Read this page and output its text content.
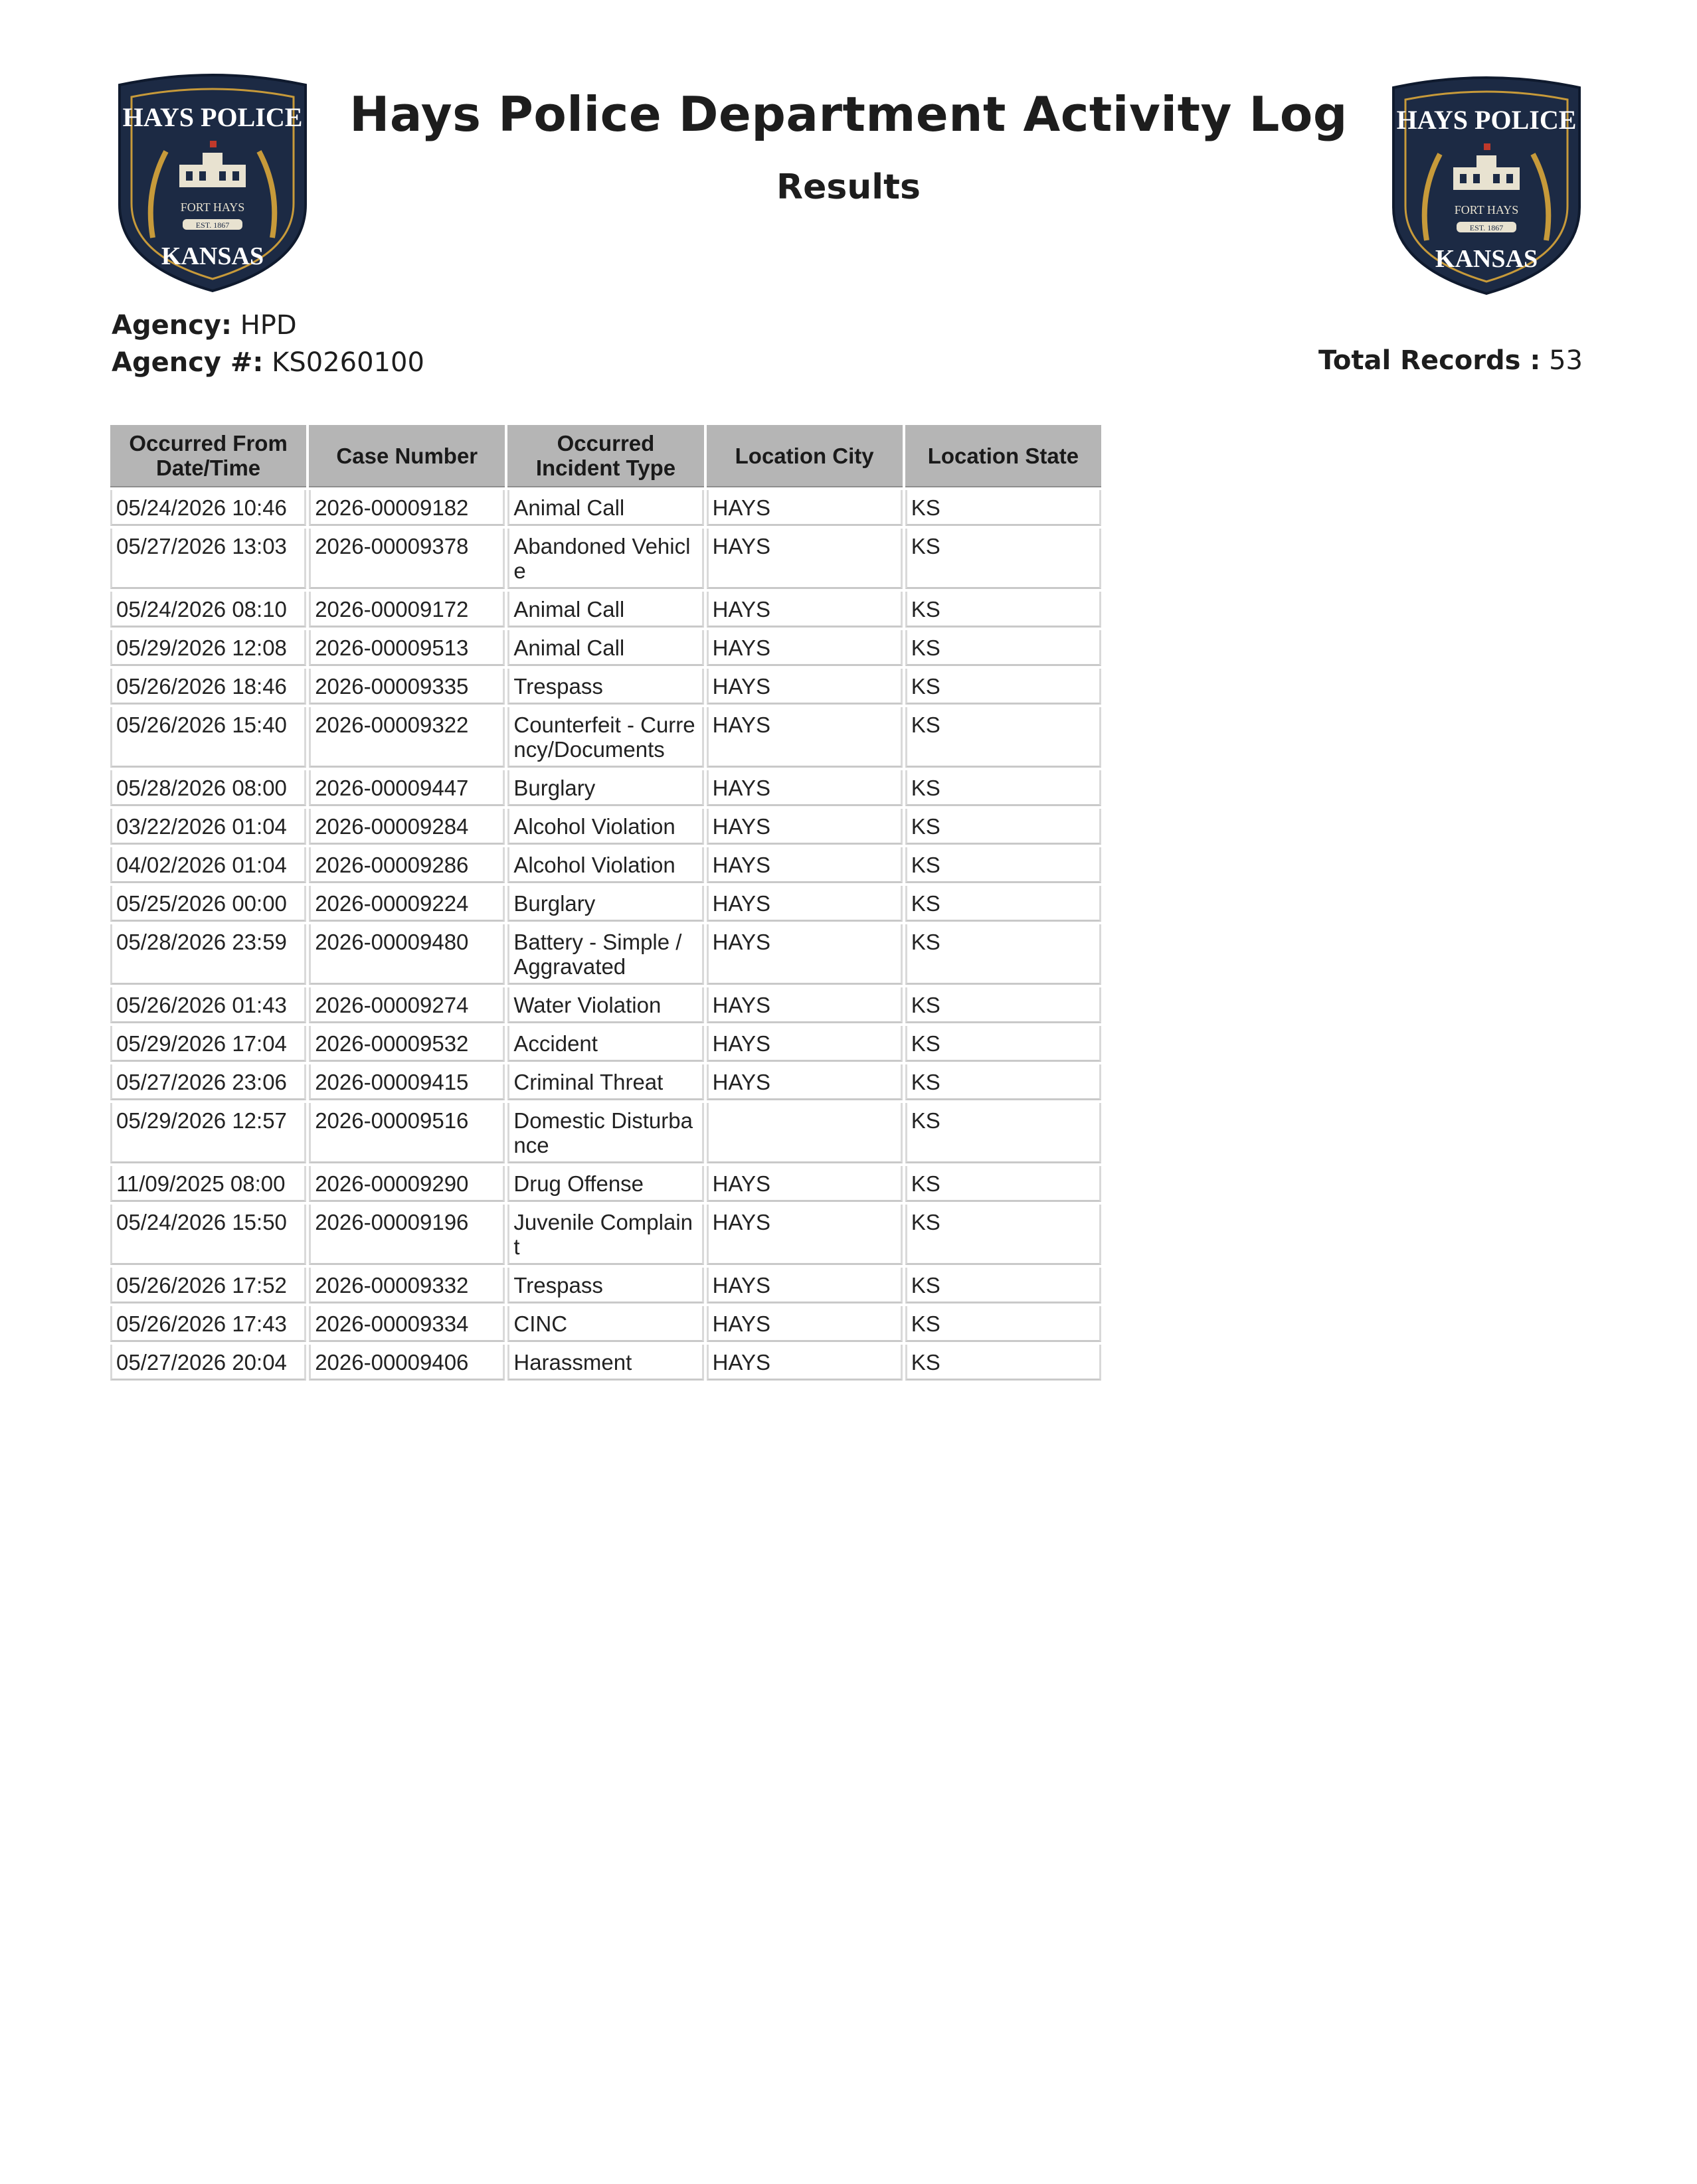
HAYS POLICE
FORT HAYS
EST. 1867
KANSAS
HAYS POLICE
FORT HAYS
EST. 1867
KANSAS
Hays Police Department Activity Log
Results
Agency: HPD
Agency #: KS0260100	Total Records : 53
Occurred From Date/Time	Case Number	Occurred Incident Type	Location City	Location State
05/24/2026 10:46	2026-00009182	Animal Call	HAYS	KS
05/27/2026 13:03	2026-00009378	Abandoned Vehicle	HAYS	KS
05/24/2026 08:10	2026-00009172	Animal Call	HAYS	KS
05/29/2026 12:08	2026-00009513	Animal Call	HAYS	KS
05/26/2026 18:46	2026-00009335	Trespass	HAYS	KS
05/26/2026 15:40	2026-00009322	Counterfeit - Currency/Documents	HAYS	KS
05/28/2026 08:00	2026-00009447	Burglary	HAYS	KS
03/22/2026 01:04	2026-00009284	Alcohol Violation	HAYS	KS
04/02/2026 01:04	2026-00009286	Alcohol Violation	HAYS	KS
05/25/2026 00:00	2026-00009224	Burglary	HAYS	KS
05/28/2026 23:59	2026-00009480	Battery - Simple / Aggravated	HAYS	KS
05/26/2026 01:43	2026-00009274	Water Violation	HAYS	KS
05/29/2026 17:04	2026-00009532	Accident	HAYS	KS
05/27/2026 23:06	2026-00009415	Criminal Threat	HAYS	KS
05/29/2026 12:57	2026-00009516	Domestic Disturbance		KS
11/09/2025 08:00	2026-00009290	Drug Offense	HAYS	KS
05/24/2026 15:50	2026-00009196	Juvenile Complaint	HAYS	KS
05/26/2026 17:52	2026-00009332	Trespass	HAYS	KS
05/26/2026 17:43	2026-00009334	CINC	HAYS	KS
05/27/2026 20:04	2026-00009406	Harassment	HAYS	KS
